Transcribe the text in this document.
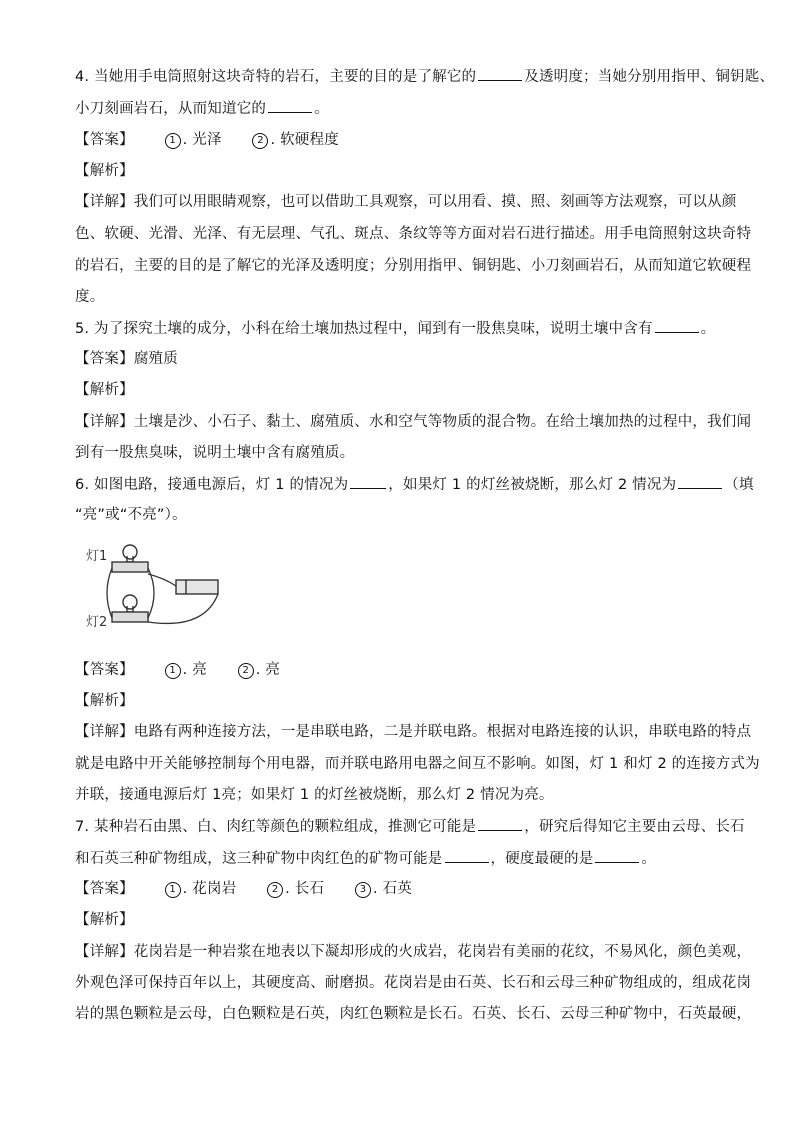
4. 当她用手电筒照射这块奇特的岩石，主要的目的是了解它的	及透明度；当她分别用指甲、铜钥匙、
小刀刻画岩石，从而知道它的	。
【答案】	1 . 光泽	2 . 软硬程度
【解析】
【详解】我们可以用眼睛观察，也可以借助工具观察，可以用看、摸、照、刻画等方法观察，可以从颜
色、软硬、光滑、光泽、有无层理、气孔、斑点、条纹等等方面对岩石进行描述。用手电筒照射这块奇特
的岩石，主要的目的是了解它的光泽及透明度；分别用指甲、铜钥匙、小刀刻画岩石，从而知道它软硬程
度。
5. 为了探究土壤的成分，小科在给土壤加热过程中，闻到有一股焦臭味，说明土壤中含有	。
【答案】腐殖质
【解析】
【详解】土壤是沙、小石子、黏土、腐殖质、水和空气等物质的混合物。在给土壤加热的过程中，我们闻
到有一股焦臭味，说明土壤中含有腐殖质。
6. 如图电路，接通电源后，灯 1 的情况为	，如果灯 1 的灯丝被烧断，那么灯 2 情况为	（填
“亮”或“不亮”）。
灯1
灯2
【答案】	1 . 亮	2 . 亮
【解析】
【详解】电路有两种连接方法，一是串联电路，二是并联电路。根据对电路连接的认识，串联电路的特点
就是电路中开关能够控制每个用电器，而并联电路用电器之间互不影响。如图，灯 1 和灯 2 的连接方式为
并联，接通电源后灯 1亮；如果灯 1 的灯丝被烧断，那么灯 2 情况为亮。
7. 某种岩石由黑、白、肉红等颜色的颗粒组成，推测它可能是	，研究后得知它主要由云母、长石
和石英三种矿物组成，这三种矿物中肉红色的矿物可能是	，硬度最硬的是	。
【答案】	1 . 花岗岩	2 . 长石	3 . 石英
【解析】
【详解】花岗岩是一种岩浆在地表以下凝却形成的火成岩，花岗岩有美丽的花纹，不易风化，颜色美观，
外观色泽可保持百年以上，其硬度高、耐磨损。花岗岩是由石英、长石和云母三种矿物组成的，组成花岗
岩的黑色颗粒是云母，白色颗粒是石英，肉红色颗粒是长石。石英、长石、云母三种矿物中，石英最硬，
